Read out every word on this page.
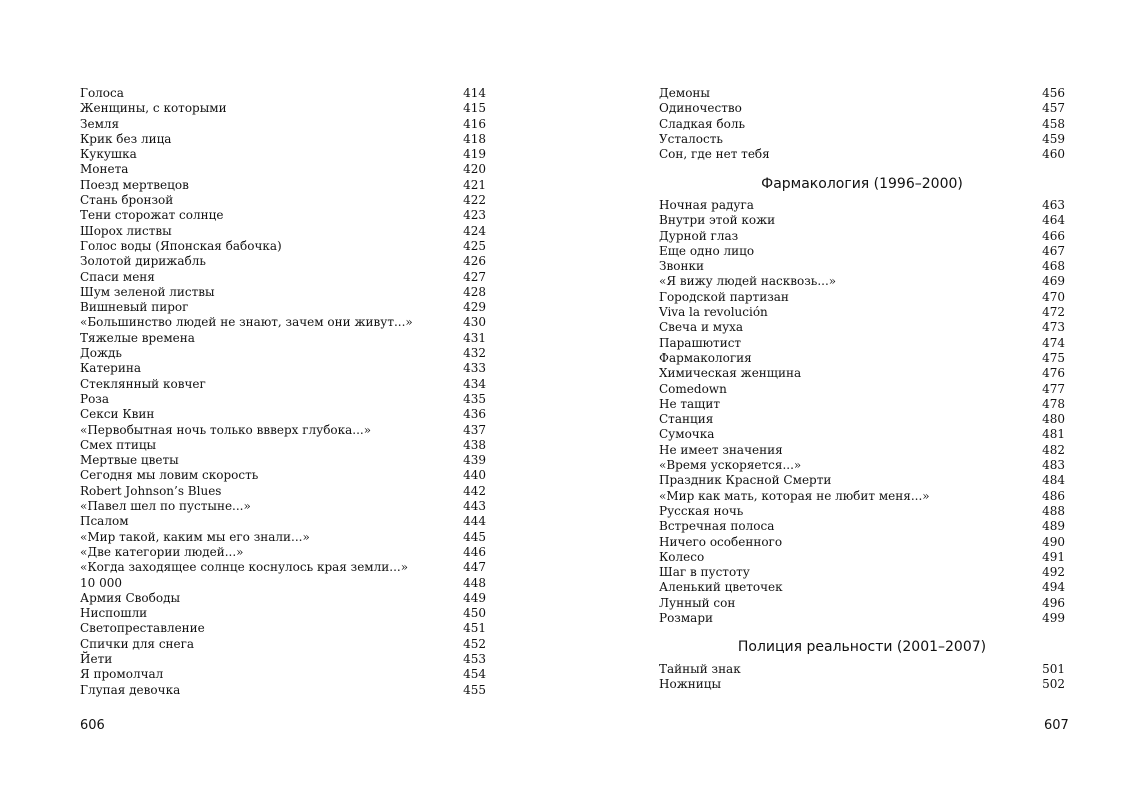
Голоса	414
Женщины, с которыми	415
Земля	416
Крик без лица	418
Кукушка	419
Монета	420
Поезд мертвецов	421
Стань бронзой	422
Тени сторожат солнце	423
Шорох листвы	424
Голос воды (Японская бабочка)	425
Золотой дирижабль	426
Спаси меня	427
Шум зеленой листвы	428
Вишневый пирог	429
«Большинство людей не знают, зачем они живут...»	430
Тяжелые времена	431
Дождь	432
Катерина	433
Стеклянный ковчег	434
Роза	435
Секси Квин	436
«Первобытная ночь только ввверх глубока...»	437
Смех птицы	438
Мертвые цветы	439
Сегодня мы ловим скорость	440
Robert Johnson’s Blues	442
«Павел шел по пустыне...»	443
Псалом	444
«Мир такой, каким мы его знали...»	445
«Две категории людей...»	446
«Когда заходящее солнце коснулось края земли...»	447
10 000	448
Армия Свободы	449
Ниспошли	450
Светопреставление	451
Спички для снега	452
Йети	453
Я промолчал	454
Глупая девочка	455
606
Демоны	456
Одиночество	457
Сладкая боль	458
Усталость	459
Сон, где нет тебя	460
Фармакология (1996–2000)
Ночная радуга	463
Внутри этой кожи	464
Дурной глаз	466
Еще одно лицо	467
Звонки	468
«Я вижу людей насквозь...»	469
Городской партизан	470
Viva la revolución	472
Свеча и муха	473
Парашютист	474
Фармакология	475
Химическая женщина	476
Comedown	477
Не тащит	478
Станция	480
Сумочка	481
Не имеет значения	482
«Время ускоряется...»	483
Праздник Красной Смерти	484
«Мир как мать, которая не любит меня...»	486
Русская ночь	488
Встречная полоса	489
Ничего особенного	490
Колесо	491
Шаг в пустоту	492
Аленький цветочек	494
Лунный сон	496
Розмари	499
Полиция реальности (2001–2007)
Тайный знак	501
Ножницы	502
607
